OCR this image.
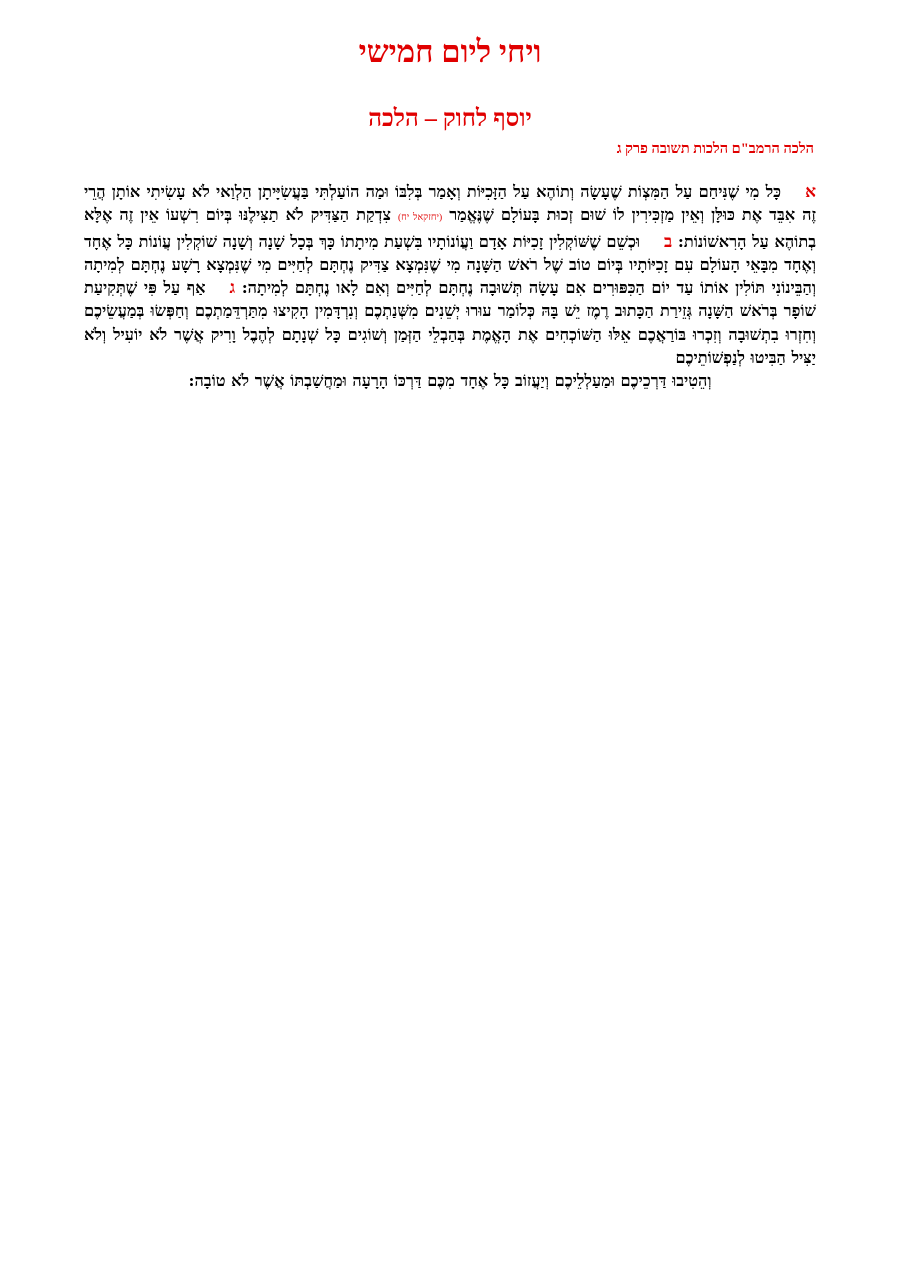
ויחי ליום חמישי
יוסף לחוק – הלכה
הלכה הרמב"ם הלכות תשובה פרק ג

אכָּל מִי שֶׁנִּיחַם עַל הַמִּצְוֹת שֶׁעָשָׂה וְתוֹהֶא עַל הַזָּכִיּוֹת וְאָמַר בְּלִבּוֹ וּמַה הוֹעַלְתִּי בַּעֲשִׂיָּיתָן הַלְוַאי לֹא עָשִׂיתִי אוֹתָן הֲרֵי זֶה אִבֵּד אֶת כּוּלָּן וְאֵין מַזְכִּירִין לוֹ שׁוּם זְכוּת בָּעוֹלָם שֶׁנֶּאֱמַר (יחזקאל יח) צִדְקַת הַצַּדִּיק לֹא תַצִּילֶנּוּ בְּיוֹם רִשְׁעוֹ אֵין זֶה אֶלָּא בְתוֹהֶא עַל הָרִאשׁוֹנוֹת: בוּכְשֵׁם שֶׁשּׁוֹקְלִין זָכִיּוֹת אָדָם וַעֲוֹנוֹתָיו בִּשְׁעַת מִיתָתוֹ כָּךְ בְּכָל שָׁנָה וְשָׁנָה שׁוֹקְלִין עֲוֹנוֹת כָּל אֶחָד וְאֶחָד מִבָּאֵי הָעוֹלָם עִם זָכִיּוֹתָיו בְּיוֹם טוֹב שֶׁל רֹאשׁ הַשָּׁנָה מִי שֶׁנִּמְצָא צַדִּיק נֶחְתָּם לְחַיִּים מִי שֶׁנִּמְצָא רָשָׁע נֶחְתָּם לְמִיתָה וְהַבֵּינוֹנִי תּוֹלִין אוֹתוֹ עַד יוֹם הַכִּפּוּרִים אִם עָשָׂה תְּשׁוּבָה נֶחְתָּם לְחַיִּים וְאִם לָאו נֶחְתָּם לְמִיתָה: גאַף עַל פִּי שֶׁתְּקִיעַת שׁוֹפָר בְּרֹאשׁ הַשָּׁנָה גְּזֵירַת הַכָּתוּב רֶמֶז יֵשׁ בָּהּ כְּלוֹמַר עוּרוּ יְשֵׁנִים מִשְּׁנַתְכֶם וְנִרְדָּמִין הָקִיצוּ מִתַּרְדֵּמַתְכֶם וְחַפְּשׂוּ בְּמַעֲשֵׂיכֶם וְחִזְרוּ בִתְשׁוּבָה וְזִכְרוּ בּוֹרַאֲכֶם אֵלּוּ הַשּׁוֹכְחִים אֶת הָאֱמֶת בְּהַבְלֵי הַזְּמַן וְשׁוֹגִים כָּל שְׁנָתָם לְהֶבֶל וָרִיק אֲשֶׁר לֹא יוֹעִיל וְלֹא יַצִּיל הַבִּיטוּ לְנַפְשׁוֹתֵיכֶם
וְהֵטִיבוּ דַּרְכֵיכֶם וּמַעַלְלֵיכֶם וְיַעֲזוֹב כָּל אֶחָד מִכֶּם דַּרְכּוֹ הָרָעָה וּמַחֲשַׁבְתּוֹ אֲשֶׁר לֹא טוֹבָה:
